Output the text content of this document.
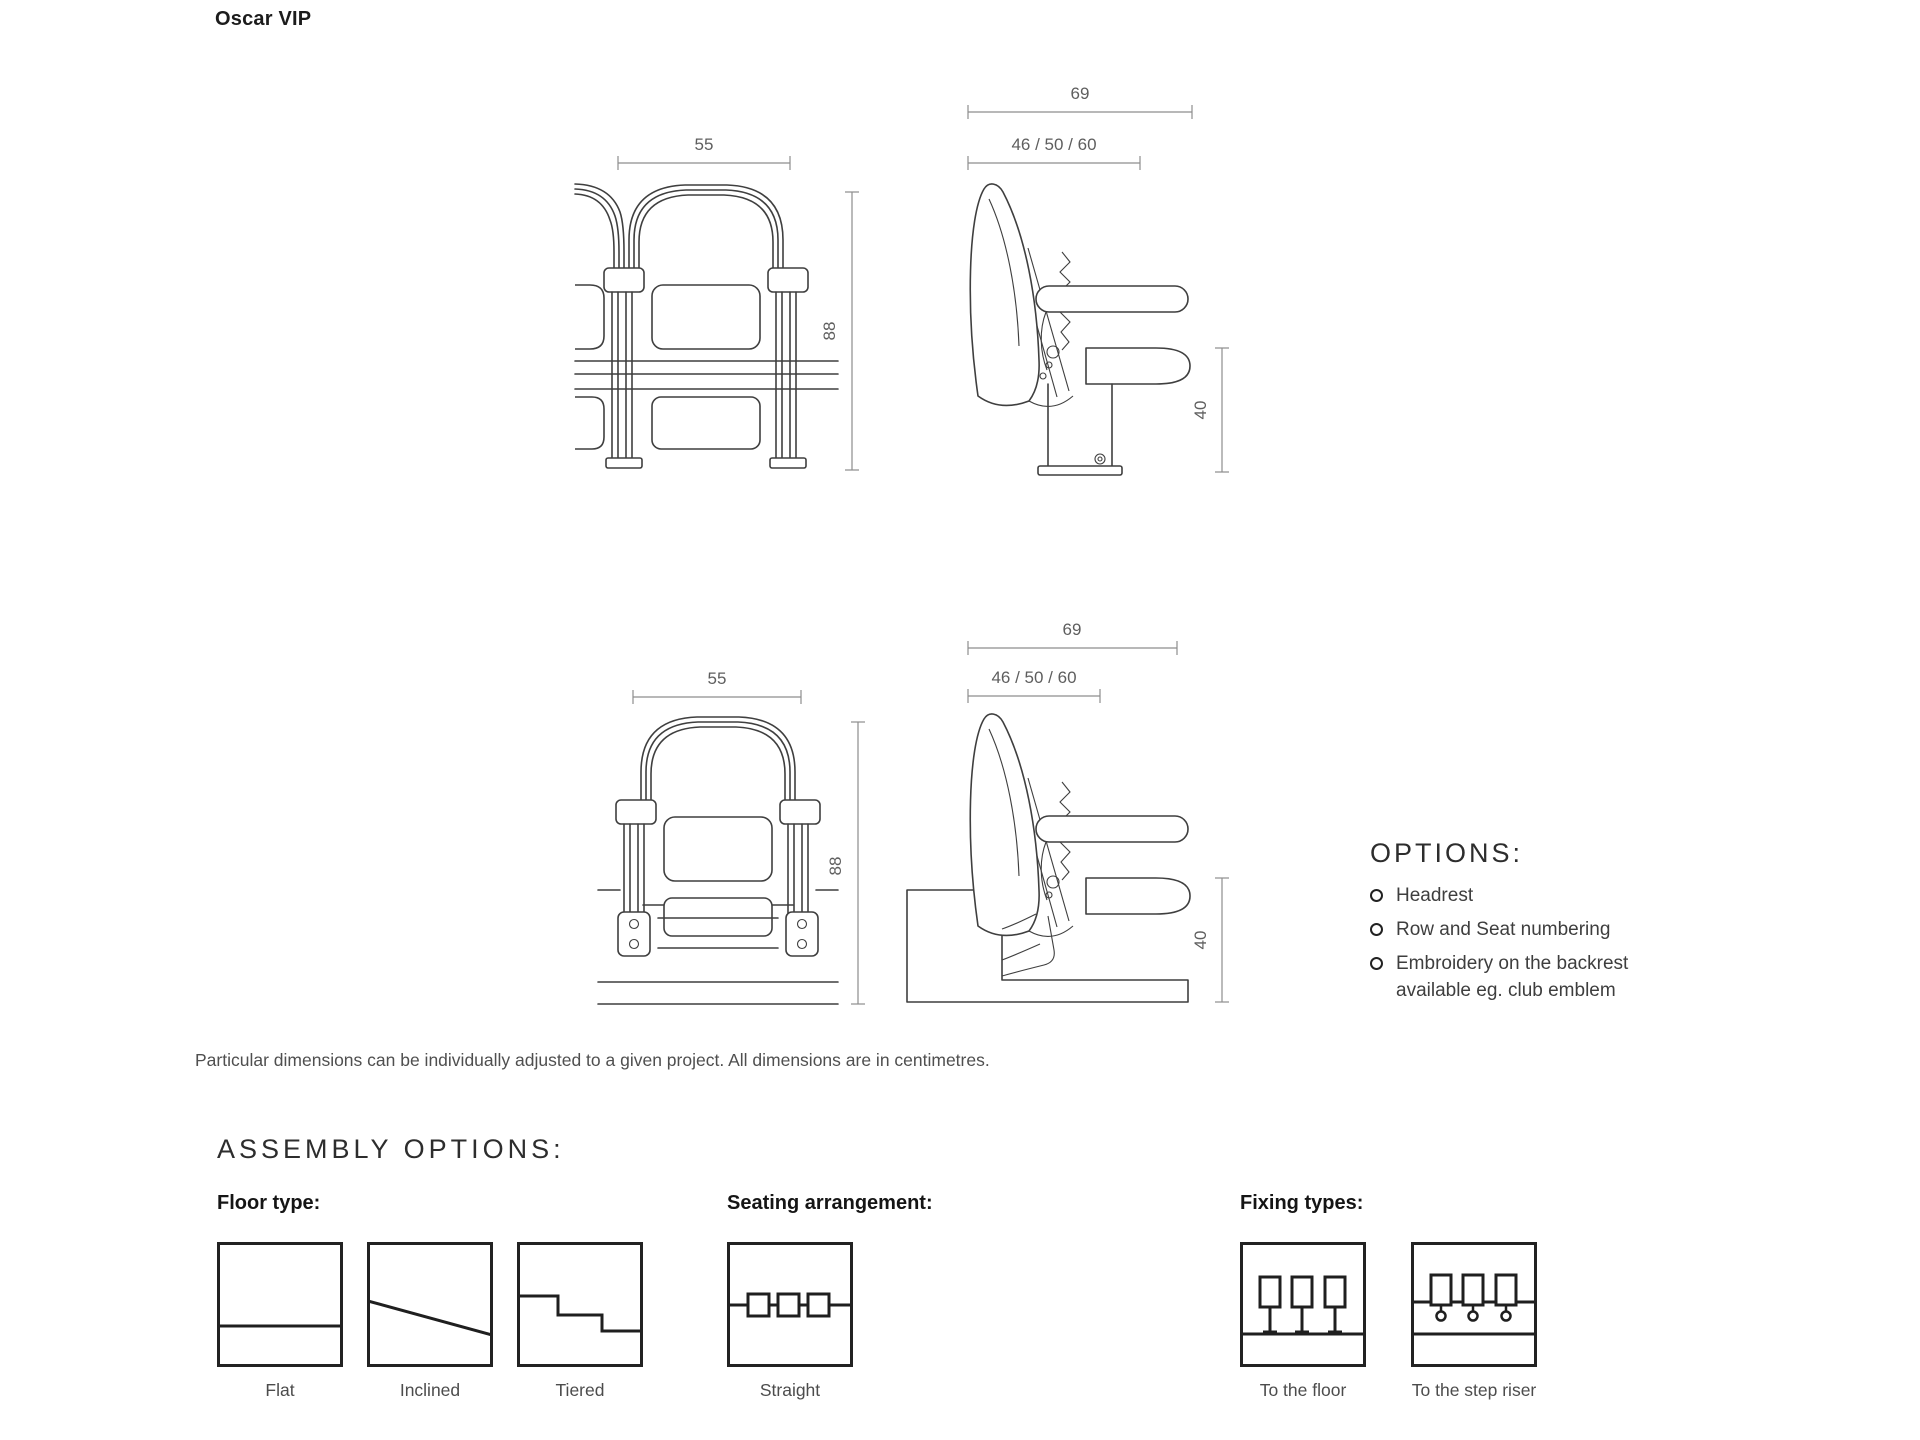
Oscar VIP
55
88
69
46 / 50 / 60
40
55
88
69
46 / 50 / 60
40
OPTIONS:
Headrest
Row and Seat numbering
Embroidery on the backrest available eg. club emblem
Particular dimensions can be individually adjusted to a given project. All dimensions are in centimetres.
ASSEMBLY OPTIONS:
Floor type:
Flat	Inclined	Tiered
Seating arrangement:
Straight
Fixing types:
To the floor	To the step riser
